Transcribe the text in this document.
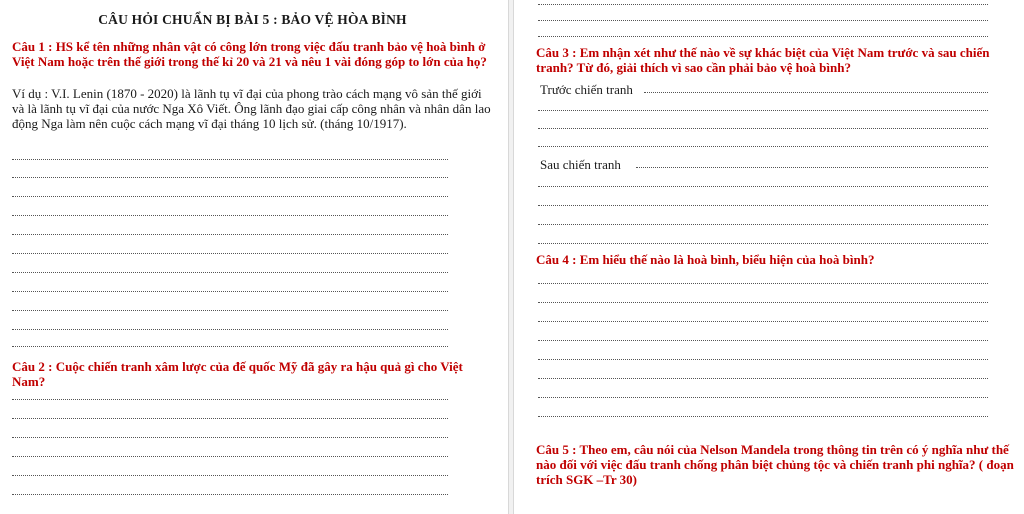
CÂU HỎI CHUẨN BỊ BÀI 5 : BẢO VỆ HÒA BÌNH

Câu 1 : HS kể tên những nhân vật có công lớn trong việc đấu tranh bảo vệ hoà bình ở Việt Nam hoặc trên thế giới trong thế kỉ 20 và 21 và nêu 1 vài đóng góp to lớn của họ?

Ví dụ : V.I. Lenin (1870 - 2020) là lãnh tụ vĩ đại của phong trào cách mạng vô sản thế giới và là lãnh tụ vĩ đại của nước Nga Xô Viết. Ông lãnh đạo giai cấp công nhân và nhân dân lao động Nga làm nên cuộc cách mạng vĩ đại tháng 10 lịch sử. (tháng 10/1917).

Câu 2 : Cuộc chiến tranh xâm lược của đế quốc Mỹ đã gây ra hậu quả gì cho Việt Nam?

Câu 3 : Em nhận xét như thế nào về sự khác biệt của Việt Nam trước và sau chiến tranh? Từ đó, giải thích vì sao cần phải bảo vệ hoà bình?

Trước chiến tranh
Sau chiến tranh

Câu 4 : Em hiểu thế nào là hoà bình, biểu hiện của hoà bình?

Câu 5 : Theo em, câu nói của Nelson Mandela trong thông tin trên có ý nghĩa như thế nào đối với việc đấu tranh chống phân biệt chủng tộc và chiến tranh phi nghĩa? ( đoạn trích SGK –Tr 30)
